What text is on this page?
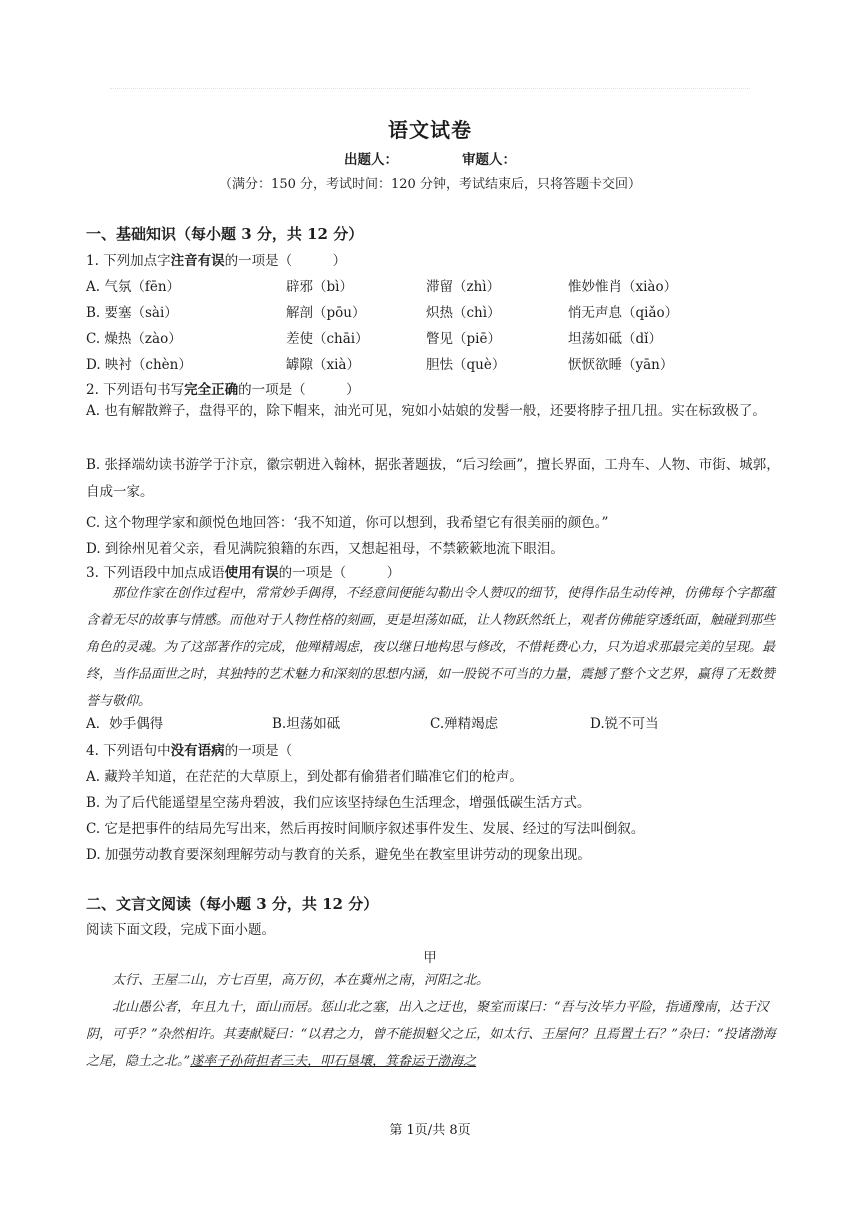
语文试卷
出题人：	审题人：
（满分：150 分，考试时间：120 分钟，考试结束后，只将答题卡交回）
一、基础知识（每小题 3 分，共 12 分）
1. 下列加点字注音有误的一项是（　　　）
A. 气氛（fēn）	辟邪（bì）	滞留（zhì）	惟妙惟肖（xiào）
B. 要塞（sài）	解剖（pōu）	炽热（chì）	悄无声息（qiǎo）
C. 燥热（zào）	差使（chāi）	瞥见（piē）	坦荡如砥（dǐ）
D. 映衬（chèn）	罅隙（xià）	胆怯（què）	恹恹欲睡（yān）
2. 下列语句书写完全正确的一项是（　　　）
A. 也有解散辫子，盘得平的，除下帽来，油光可见，宛如小姑娘的发髻一般，还要将脖子扭几扭。实在标致极了。
B. 张择端幼读书游学于汴京，徽宗朝进入翰林，据张著题拔，“后习绘画”，擅长界面，工舟车、人物、市街、城郭，自成一家。
C. 这个物理学家和颜悦色地回答：‘我不知道，你可以想到，我希望它有很美丽的颜色。”
D. 到徐州见着父亲，看见满院狼籍的东西，又想起祖母，不禁簌簌地流下眼泪。
3. 下列语段中加点成语使用有误的一项是（　　　）
那位作家在创作过程中，常常妙手偶得，不经意间便能勾勒出令人赞叹的细节，使得作品生动传神，仿佛每个字都蕴含着无尽的故事与情感。而他对于人物性格的刻画，更是坦荡如砥，让人物跃然纸上，观者仿佛能穿透纸面，触碰到那些角色的灵魂。为了这部著作的完成，他殚精竭虑，夜以继日地构思与修改，不惜耗费心力，只为追求那最完美的呈现。最终，当作品面世之时，其独特的艺术魅力和深刻的思想内涵，如一股锐不可当的力量，震撼了整个文艺界，赢得了无数赞誉与敬仰。
A．妙手偶得	B.坦荡如砥	C.殚精竭虑	D.锐不可当
4. 下列语句中没有语病的一项是（
A. 藏羚羊知道，在茫茫的大草原上，到处都有偷猎者们瞄准它们的枪声。
B. 为了后代能遥望星空荡舟碧波，我们应该坚持绿色生活理念，增强低碳生活方式。
C. 它是把事件的结局先写出来，然后再按时间顺序叙述事件发生、发展、经过的写法叫倒叙。
D. 加强劳动教育要深刻理解劳动与教育的关系，避免坐在教室里讲劳动的现象出现。
二、文言文阅读（每小题 3 分，共 12 分）
阅读下面文段，完成下面小题。
甲
太行、王屋二山，方七百里，高万仞，本在冀州之南，河阳之北。
北山愚公者，年且九十，面山而居。惩山北之塞，出入之迂也，聚室而谋曰：“吾与汝毕力平险，指通豫南，达于汉阴，可乎？”杂然相许。其妻献疑曰：“以君之力，曾不能损魁父之丘，如太行、王屋何？且焉置土石？”杂曰：“投诸渤海之尾，隐土之北。”遂率子孙荷担者三夫，叩石垦壤，箕畚运于渤海之
第 1页/共 8页
